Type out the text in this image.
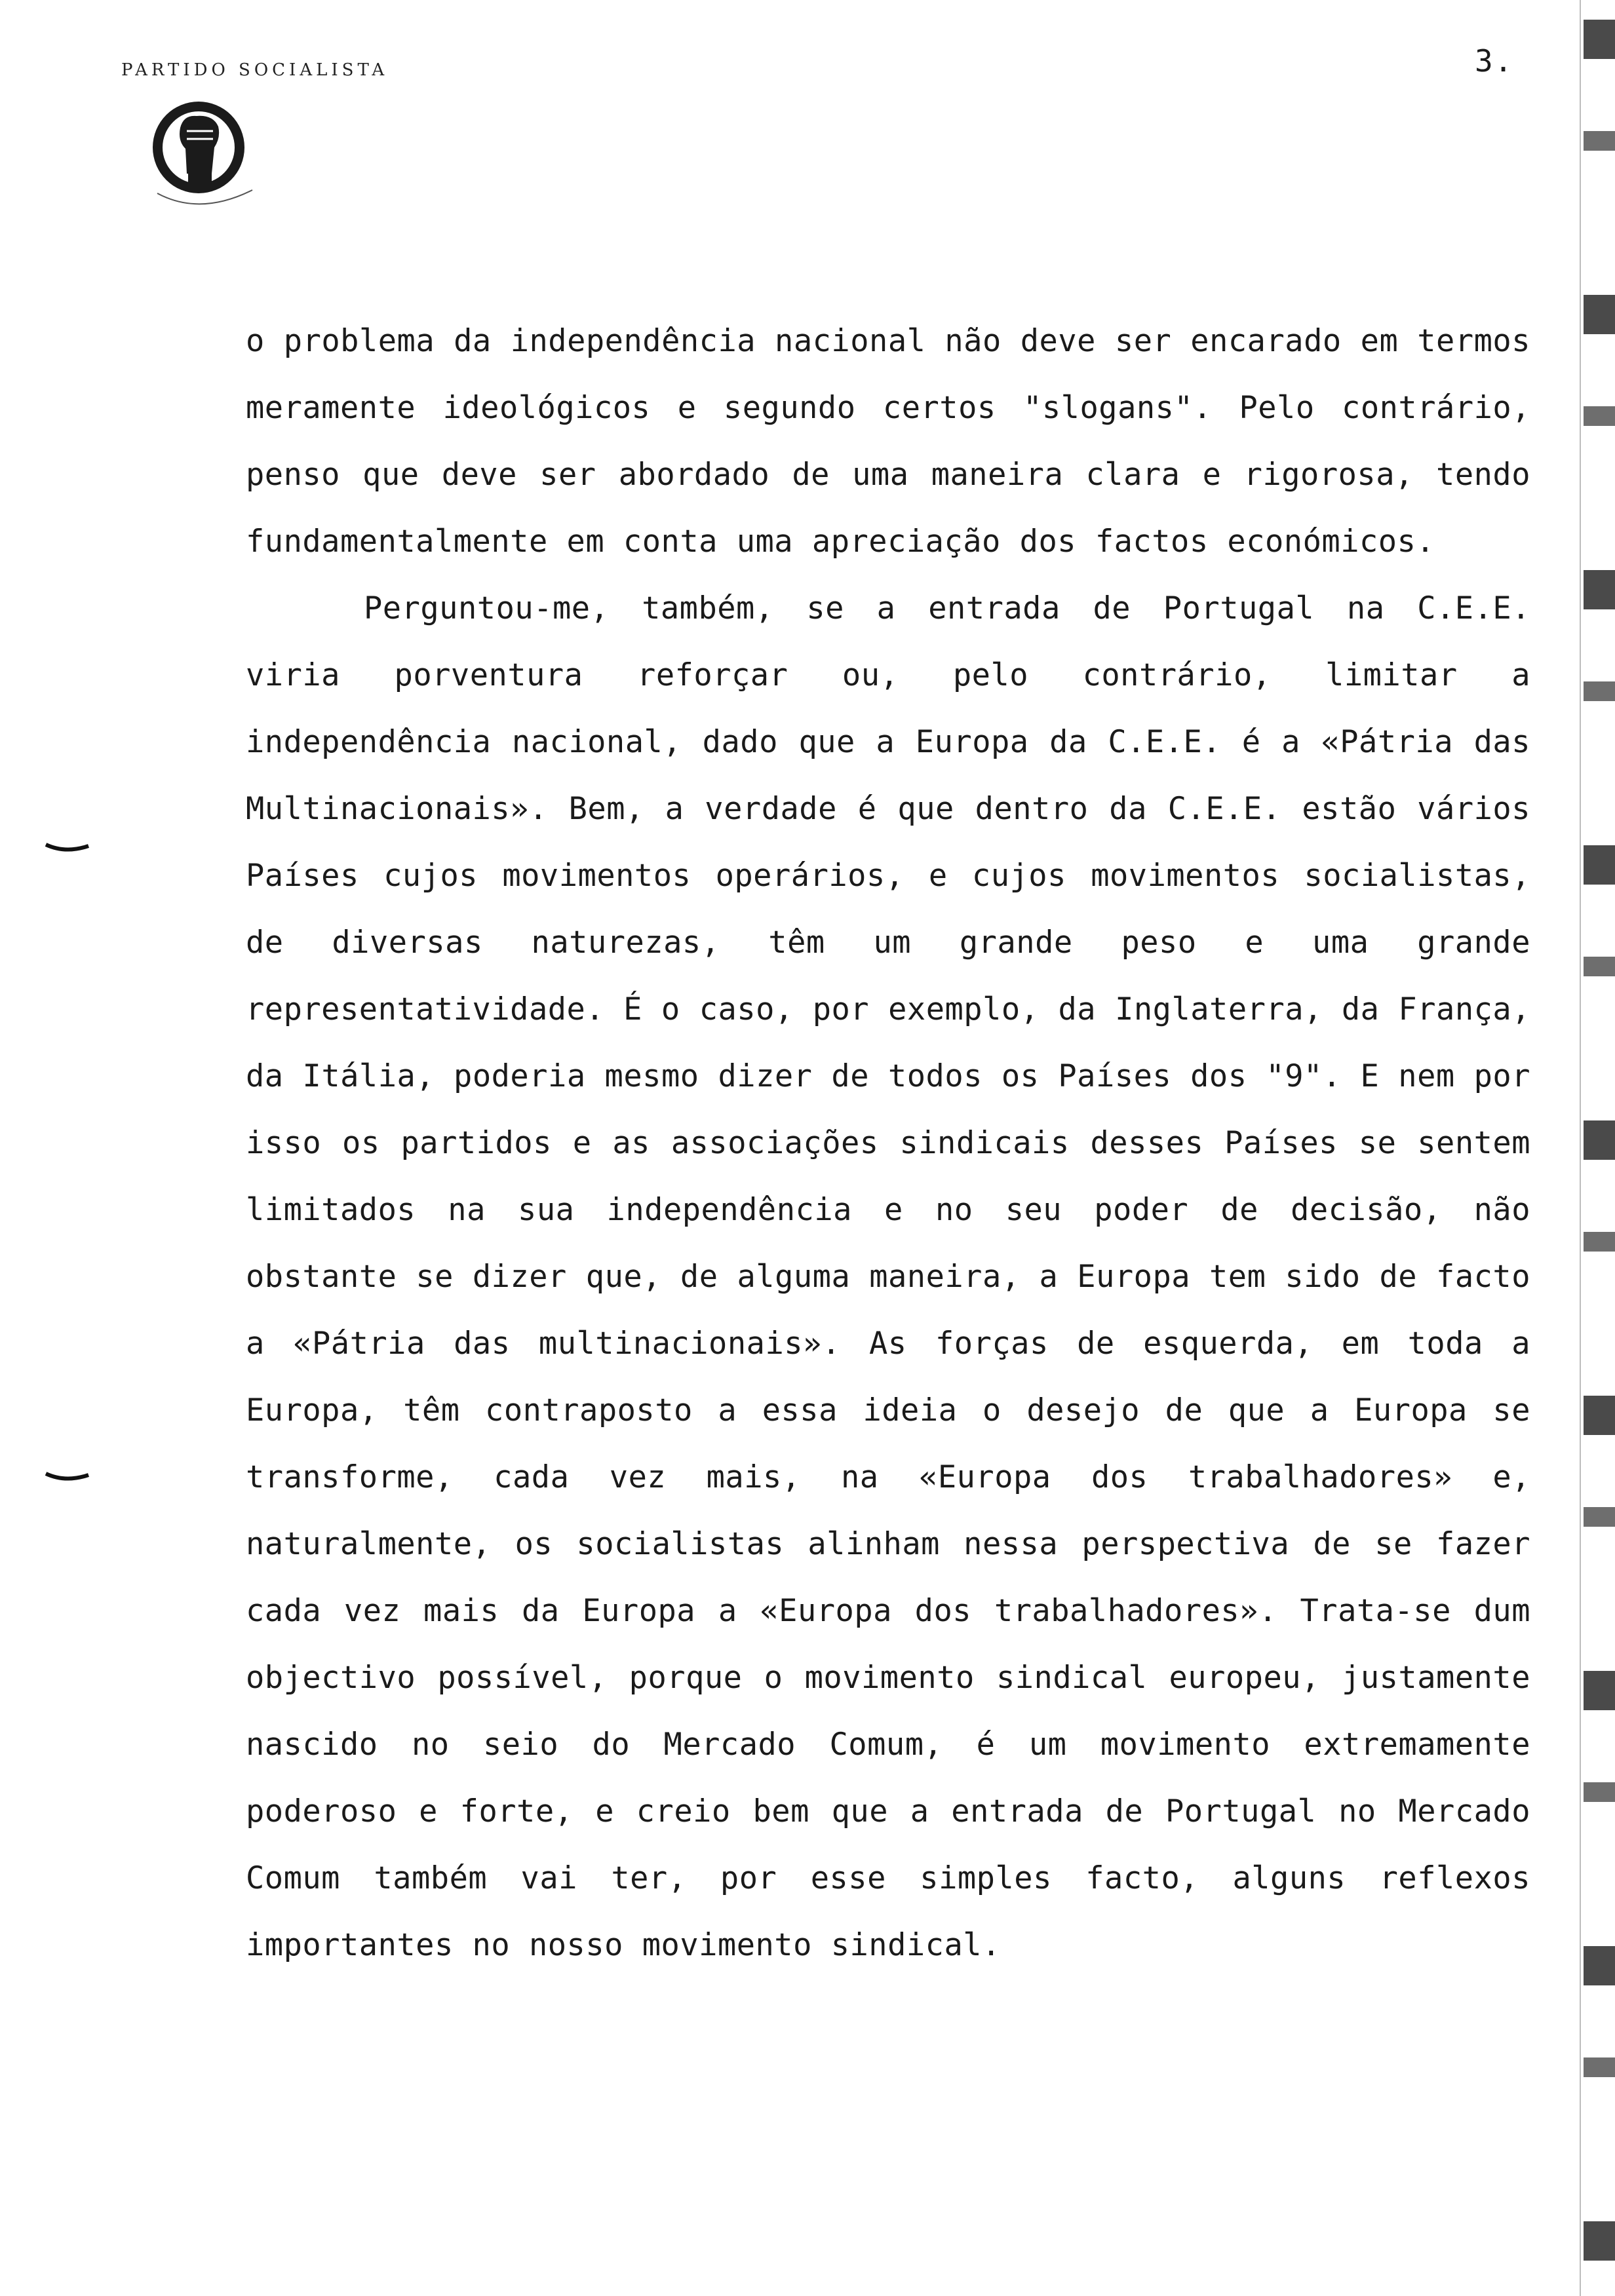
PARTIDO SOCIALISTA	3.

o problema da independência nacional não deve ser encarado em termos meramente ideológicos e segundo certos "slogans". Pelo contrário, penso que deve ser abordado de uma maneira clara e rigorosa, tendo fundamentalmente em conta uma apreciação dos factos económicos.

Perguntou-me, também, se a entrada de Portugal na C.E.E. viria porventura reforçar ou, pelo contrário, limitar a independência nacional, dado que a Europa da C.E.E. é a «Pátria das Multinacionais». Bem, a verdade é que dentro da C.E.E. estão vários Países cujos movimentos operários, e cujos movimentos socialistas, de diversas naturezas, têm um grande peso e uma grande representatividade. É o caso, por exemplo, da Inglaterra, da França, da Itália, poderia mesmo dizer de todos os Países dos "9". E nem por isso os partidos e as associações sindicais desses Países se sentem limitados na sua independência e no seu poder de decisão, não obstante se dizer que, de alguma maneira, a Europa tem sido de facto a «Pátria das multinacionais». As forças de esquerda, em toda a Europa, têm contraposto a essa ideia o desejo de que a Europa se transforme, cada vez mais, na «Europa dos trabalhadores» e, naturalmente, os socialistas alinham nessa perspectiva de se fazer cada vez mais da Europa a «Europa dos trabalhadores». Trata-se dum objectivo possível, porque o movimento sindical europeu, justamente nascido no seio do Mercado Comum, é um movimento extremamente poderoso e forte, e creio bem que a entrada de Portugal no Mercado Comum também vai ter, por esse simples facto, alguns reflexos importantes no nosso movimento sindical.
